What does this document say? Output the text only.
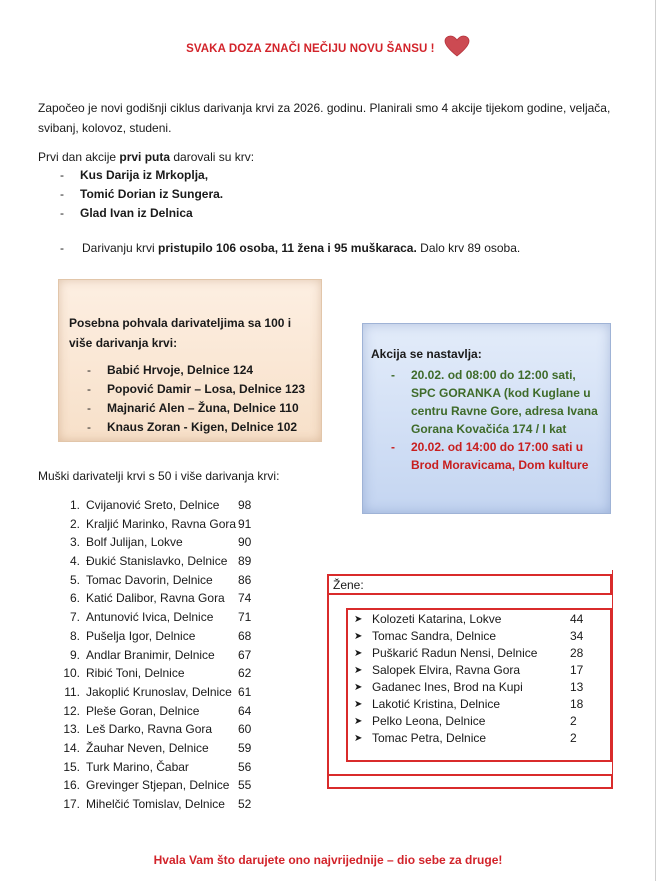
SVAKA DOZA ZNAČI NEČIJU NOVU ŠANSU !
Započeo je novi godišnji ciklus darivanja krvi za 2026. godinu. Planirali smo 4 akcije tijekom godine, veljača, svibanj, kolovoz, studeni.
Prvi dan akcije prvi puta darovali su krv:
-	Kus Darija iz Mrkoplja,
-	Tomić Dorian iz Sungera.
-	Glad Ivan iz Delnica
- Darivanju krvi pristupilo 106 osoba, 11 žena i 95 muškaraca. Dalo krv 89 osoba.
Posebna pohvala darivateljima sa 100 i više darivanja krvi:
- Babić Hrvoje, Delnice 124
- Popović Damir – Losa, Delnice 123
- Majnarić Alen – Žuna, Delnice 110
- Knaus Zoran - Kigen, Delnice 102
Akcija se nastavlja:
-	20.02. od 08:00 do 12:00 sati, SPC GORANKA (kod Kuglane u centru Ravne Gore, adresa Ivana Gorana Kovačića 174 / I kat
-	20.02. od 14:00 do 17:00 sati u Brod Moravicama, Dom kulture
Muški darivatelji krvi s 50 i više darivanja krvi:
1. Cvijanović Sreto, Delnice	98
2. Kraljić Marinko, Ravna Gora 91
3. Bolf Julijan, Lokve	90
4. Đukić Stanislavko, Delnice 89
5. Tomac Davorin, Delnice	86
6. Katić Dalibor, Ravna Gora	74
7. Antunović Ivica, Delnice	71
8. Pušelja Igor, Delnice	68
9. Andlar Branimir, Delnice	67
10. Ribić Toni, Delnice	62
11. Jakoplić Krunoslav, Delnice 61
12. Pleše Goran, Delnice	64
13. Leš Darko, Ravna Gora	60
14. Žauhar Neven, Delnice	59
15. Turk Marino, Čabar	56
16. Grevinger Stjepan, Delnice 55
17. Mihelčić Tomislav, Delnice	52
Žene:
➤ Kolozeti Katarina, Lokve	44
➤ Tomac Sandra, Delnice	34
➤ Puškarić Radun Nensi, Delnice	28
➤ Salopek Elvira, Ravna Gora	17
➤ Gadanec Ines, Brod na Kupi	13
➤ Lakotić Kristina, Delnice	18
➤ Pelko Leona, Delnice	2
➤ Tomac Petra, Delnice	2
Hvala Vam što darujete ono najvrijednije – dio sebe za druge!
